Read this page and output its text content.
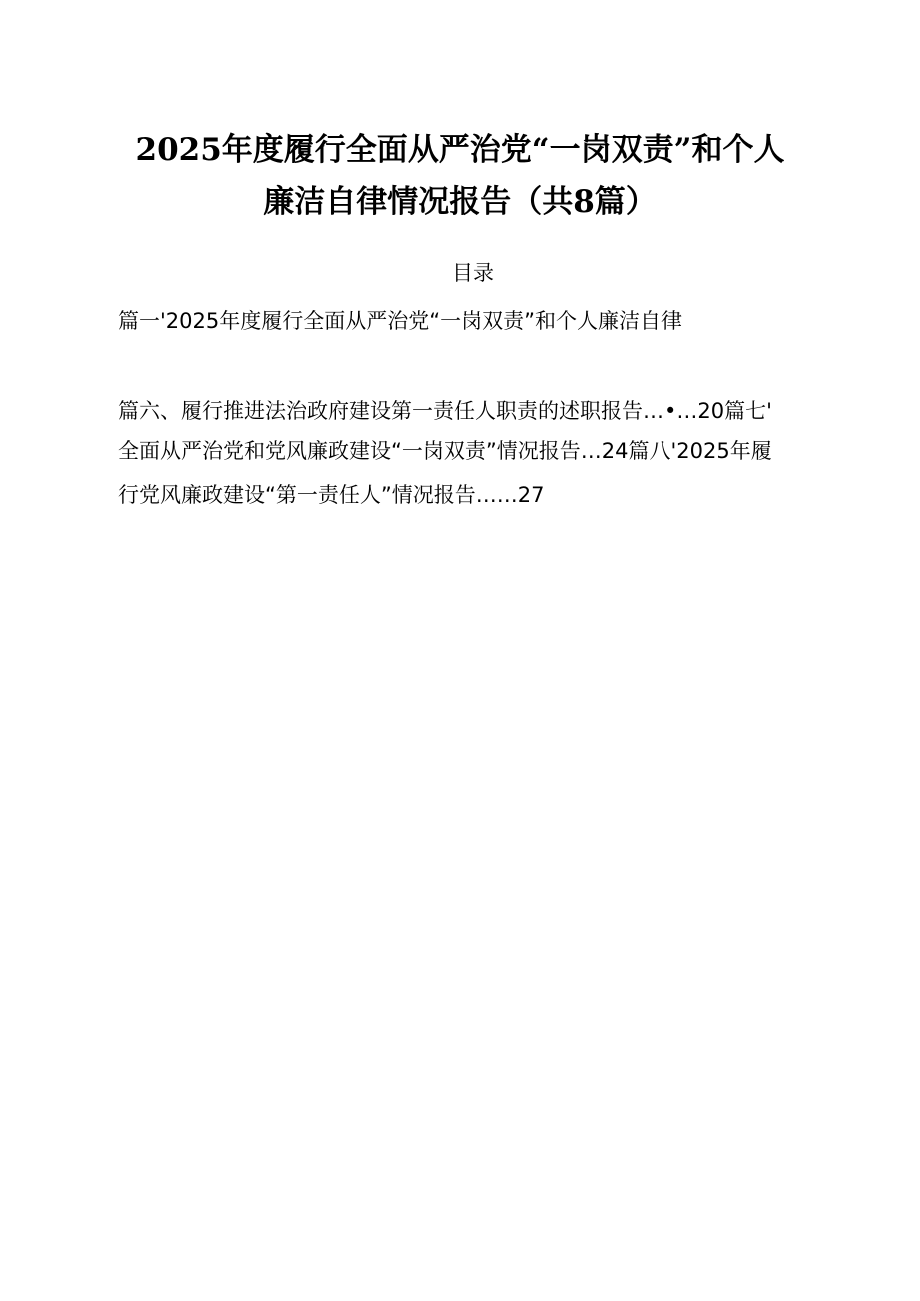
2025年度履行全面从严治党“一岗双责”和个人
廉洁自律情况报告（共8篇）
目录

篇一'2025年度履行全面从严治党“一岗双责”和个人廉洁自律

篇六、履行推进法治政府建设第一责任人职责的述职报告…•…20篇七'

全面从严治党和党风廉政建设“一岗双责”情况报告…24篇八'2025年履

行党风廉政建设“第一责任人”情况报告……27
